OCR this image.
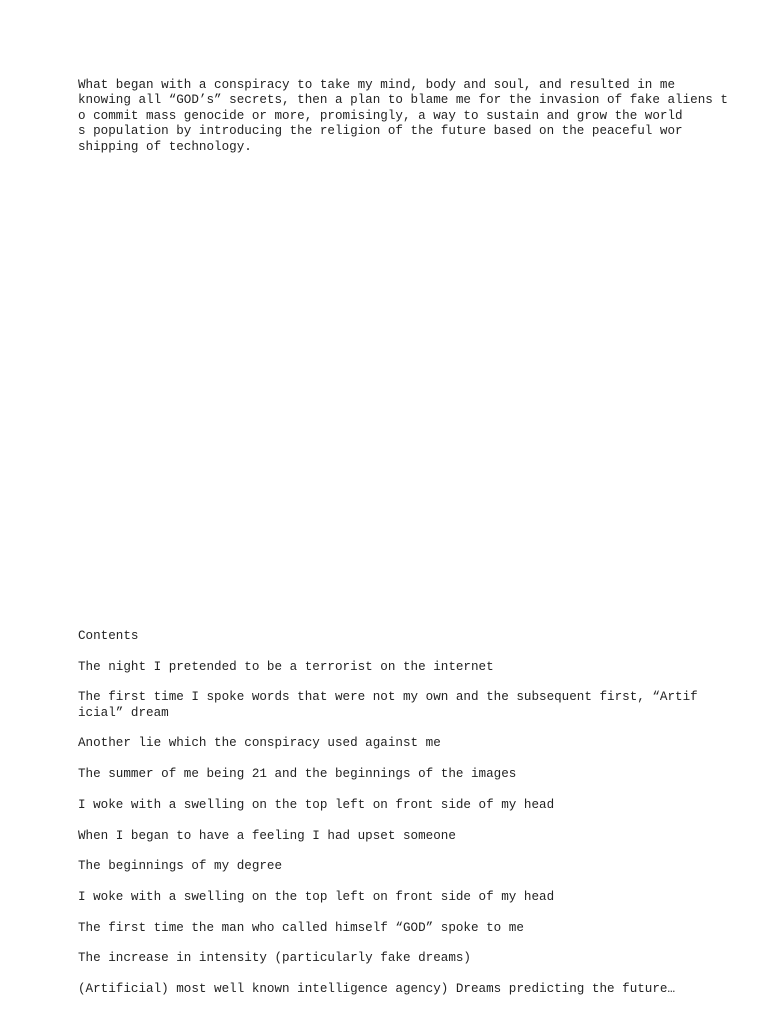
What began with a conspiracy to take my mind, body and soul, and resulted in me
knowing all “GOD’s” secrets, then a plan to blame me for the invasion of fake aliens t
o commit mass genocide or more, promisingly, a way to sustain and grow the world
s population by introducing the religion of the future based on the peaceful wor
shipping of technology.
Contents
The night I pretended to be a terrorist on the internet
The first time I spoke words that were not my own and the subsequent first, “Artif
icial” dream
Another lie which the conspiracy used against me
The summer of me being 21 and the beginnings of the images
I woke with a swelling on the top left on front side of my head
When I began to have a feeling I had upset someone
The beginnings of my degree
I woke with a swelling on the top left on front side of my head
The first time the man who called himself “GOD” spoke to me
The increase in intensity (particularly fake dreams)
(Artificial) most well known intelligence agency) Dreams predicting the future…
